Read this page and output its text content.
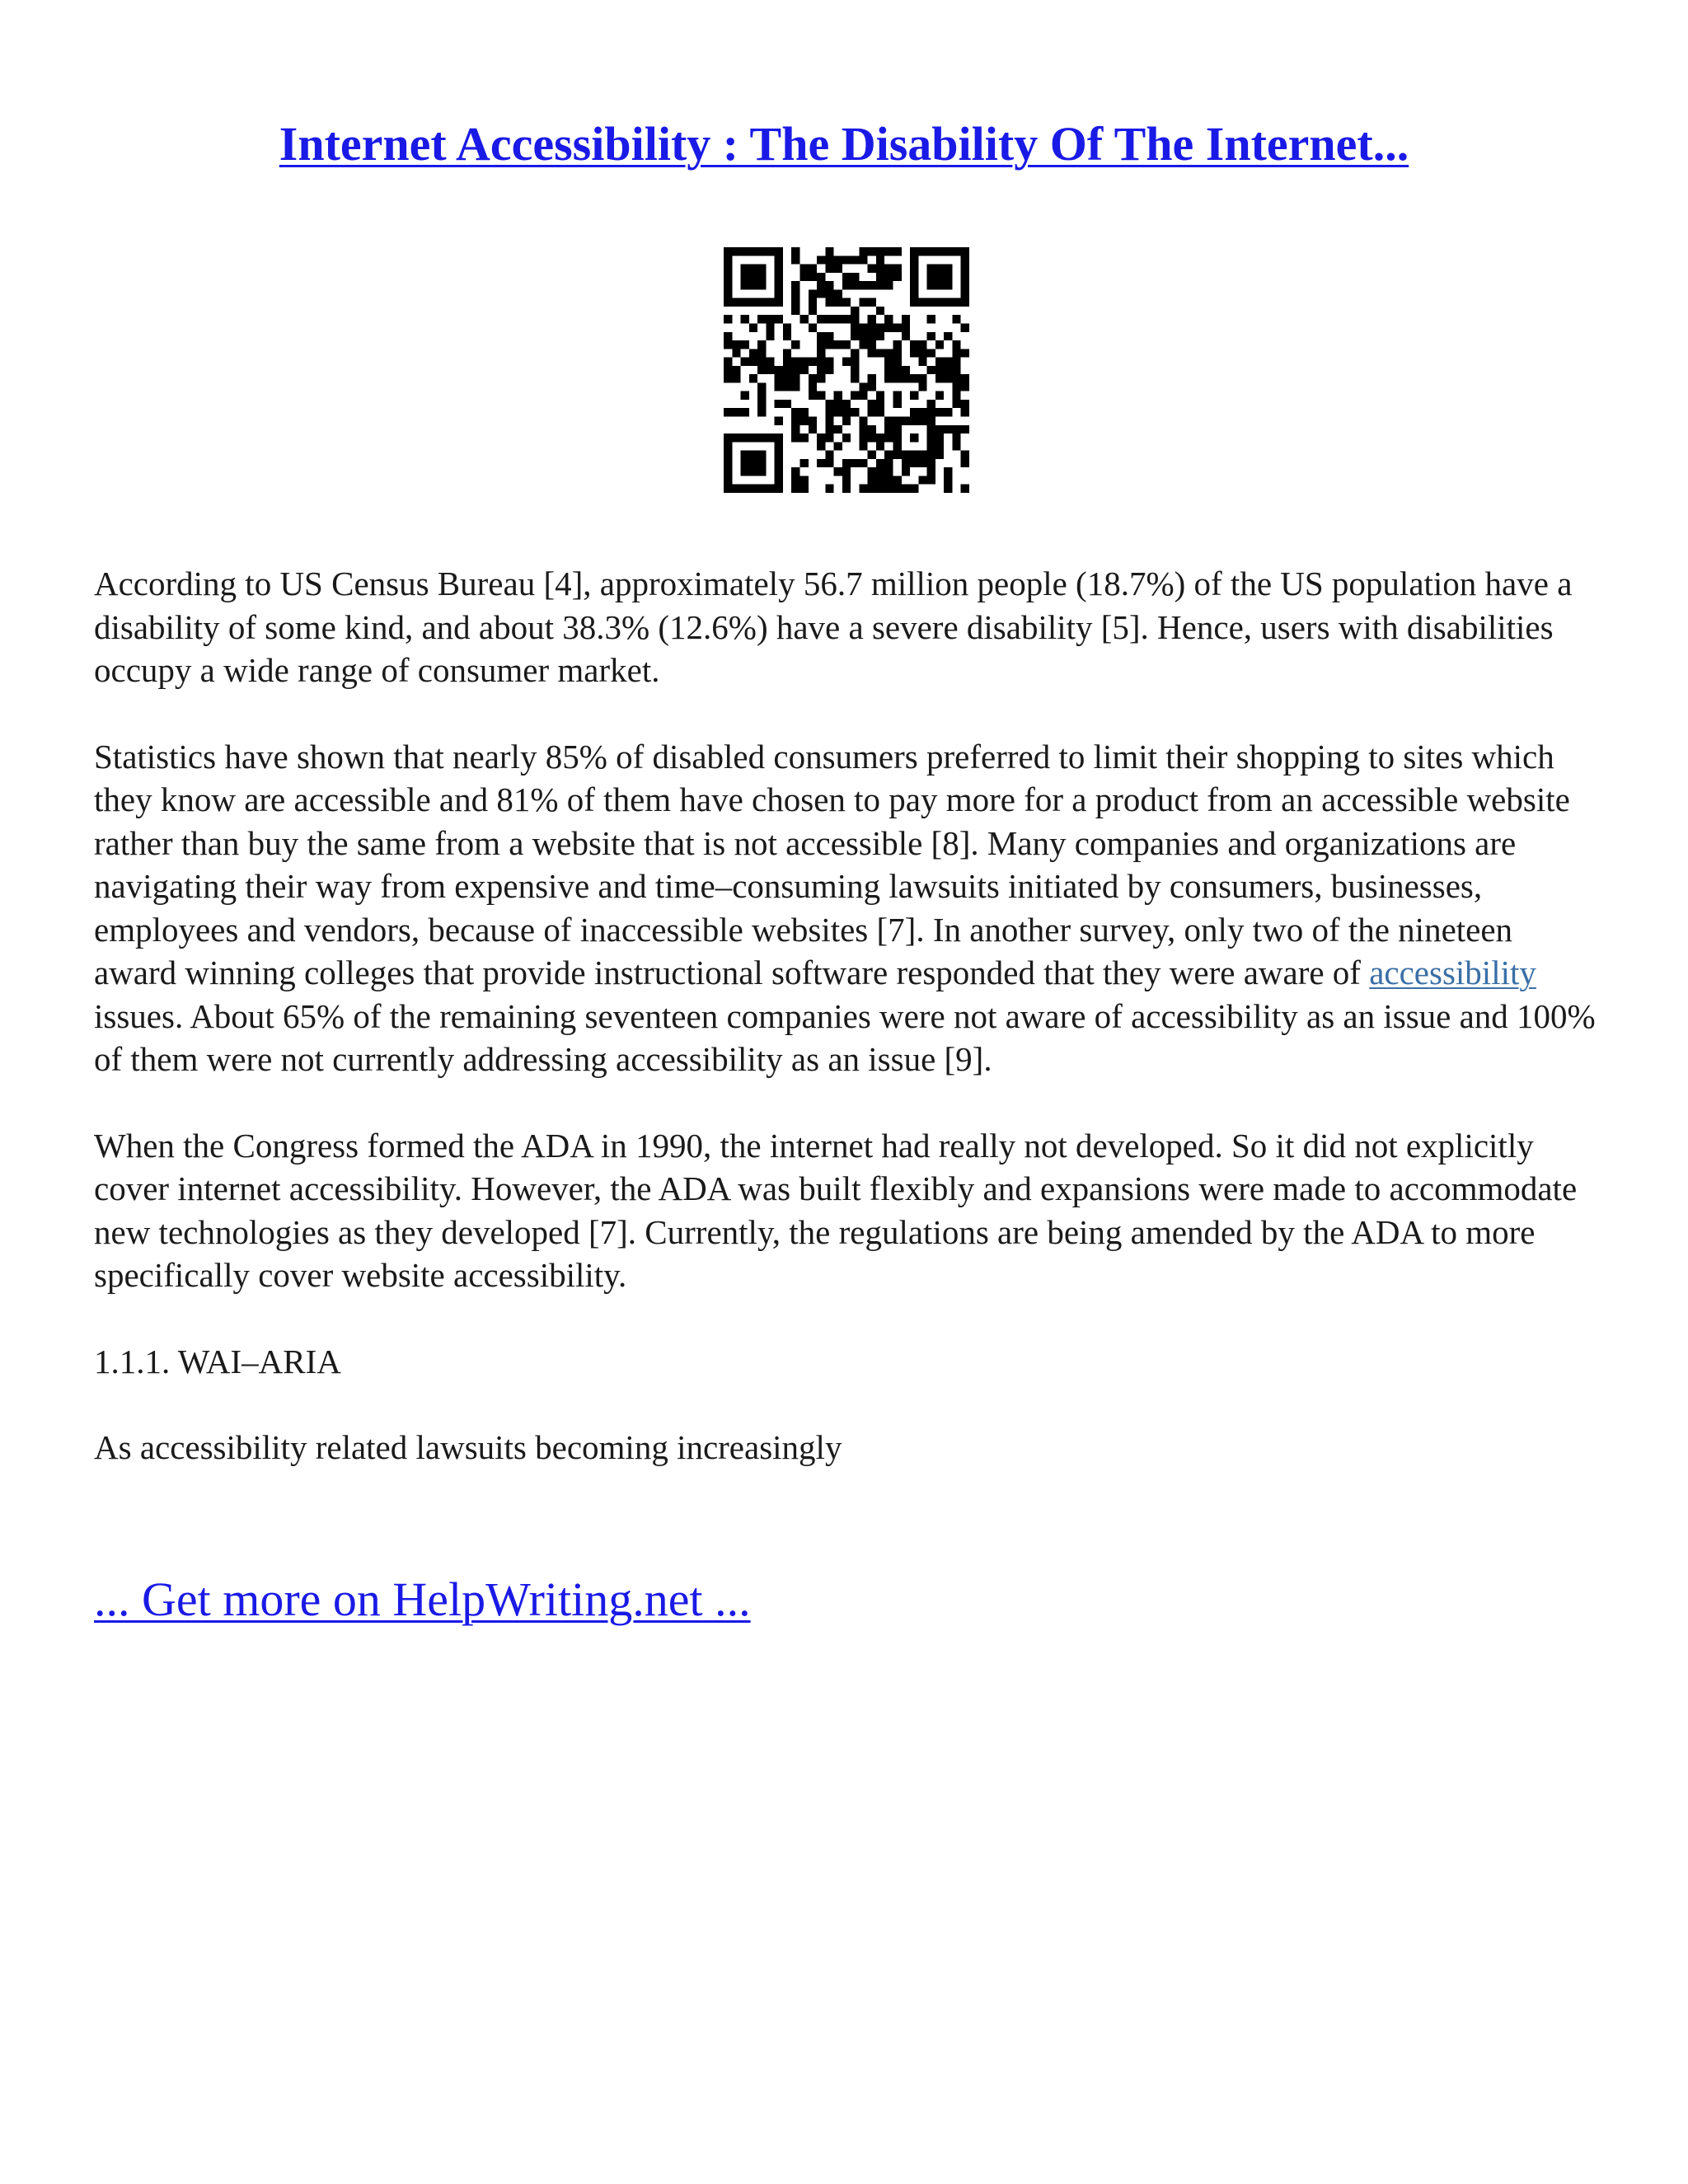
Internet Accessibility : The Disability Of The Internet...

According to US Census Bureau [4], approximately 56.7 million people (18.7%) of the US population have a disability of some kind, and about 38.3% (12.6%) have a severe disability [5]. Hence, users with disabilities occupy a wide range of consumer market.

Statistics have shown that nearly 85% of disabled consumers preferred to limit their shopping to sites which they know are accessible and 81% of them have chosen to pay more for a product from an accessible website rather than buy the same from a website that is not accessible [8]. Many companies and organizations are navigating their way from expensive and time–consuming lawsuits initiated by consumers, businesses, employees and vendors, because of inaccessible websites [7]. In another survey, only two of the nineteen award winning colleges that provide instructional software responded that they were aware of accessibility issues. About 65% of the remaining seventeen companies were not aware of accessibility as an issue and 100% of them were not currently addressing accessibility as an issue [9].

When the Congress formed the ADA in 1990, the internet had really not developed. So it did not explicitly cover internet accessibility. However, the ADA was built flexibly and expansions were made to accommodate new technologies as they developed [7]. Currently, the regulations are being amended by the ADA to more specifically cover website accessibility.

1.1.1. WAI–ARIA

As accessibility related lawsuits becoming increasingly

... Get more on HelpWriting.net ...
